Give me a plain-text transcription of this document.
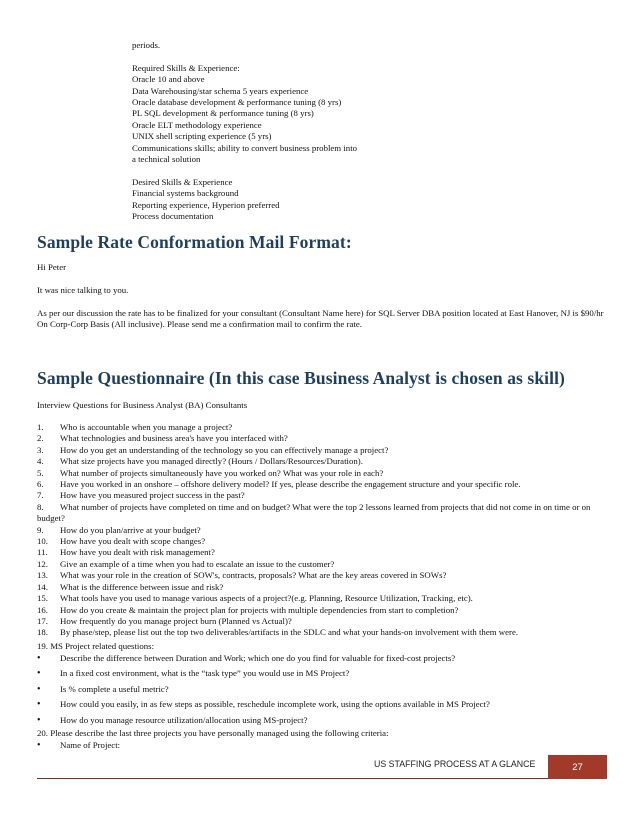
periods.

Required Skills & Experience:

Oracle 10 and above

Data Warehousing/star schema 5 years experience

Oracle database development & performance tuning (8 yrs)

PL SQL development & performance tuning (8 yrs)

Oracle ELT methodology experience

UNIX shell scripting experience (5 yrs)

Communications skills; ability to convert business problem into

a technical solution

Desired Skills & Experience

Financial systems background

Reporting experience, Hyperion preferred

Process documentation

Sample Rate Conformation Mail Format:

Hi Peter

It was nice talking to you.

As per our discussion the rate has to be finalized for your consultant (Consultant Name here) for SQL Server DBA position located at East Hanover, NJ is $90/hr On Corp-Corp Basis (All inclusive). Please send me a confirmation mail to confirm the rate.

Sample Questionnaire (In this case Business Analyst is chosen as skill)

Interview Questions for Business Analyst (BA) Consultants

1.	Who is accountable when you manage a project?
2.	What technologies and business area's have you interfaced with?
3.	How do you get an understanding of the technology so you can effectively manage a project?
4.	What size projects have you managed directly? (Hours / Dollars/Resources/Duration).
5.	What number of projects simultaneously have you worked on? What was your role in each?
6.	Have you worked in an onshore – offshore delivery model? If yes, please describe the engagement structure and your specific role.
7.	How have you measured project success in the past?
8. What number of projects have completed on time and on budget? What were the top 2 lessons learned from projects that did not come in on time or on budget?
9.	How do you plan/arrive at your budget?
10.	How have you dealt with scope changes?
11.	How have you dealt with risk management?
12.	Give an example of a time when you had to escalate an issue to the customer?
13.	What was your role in the creation of SOW's, contracts, proposals? What are the key areas covered in SOWs?
14.	What is the difference between issue and risk?
15.	What tools have you used to manage various aspects of a project?(e.g. Planning, Resource Utilization, Tracking, etc).
16.	How do you create & maintain the project plan for projects with multiple dependencies from start to completion?
17.	How frequently do you manage project burn (Planned vs Actual)?
18.	By phase/step, please list out the top two deliverables/artifacts in the SDLC and what your hands-on involvement with them were.

19. MS Project related questions:

•	Describe the difference between Duration and Work; which one do you find for valuable for fixed-cost projects?
•	In a fixed cost environment, what is the “task type” you would use in MS Project?
•	Is % complete a useful metric?
•	How could you easily, in as few steps as possible, reschedule incomplete work, using the options available in MS Project?
•	How do you manage resource utilization/allocation using MS-project?

20. Please describe the last three projects you have personally managed using the following criteria:

•	Name of Project:
US STAFFING PROCESS AT A GLANCE	27
